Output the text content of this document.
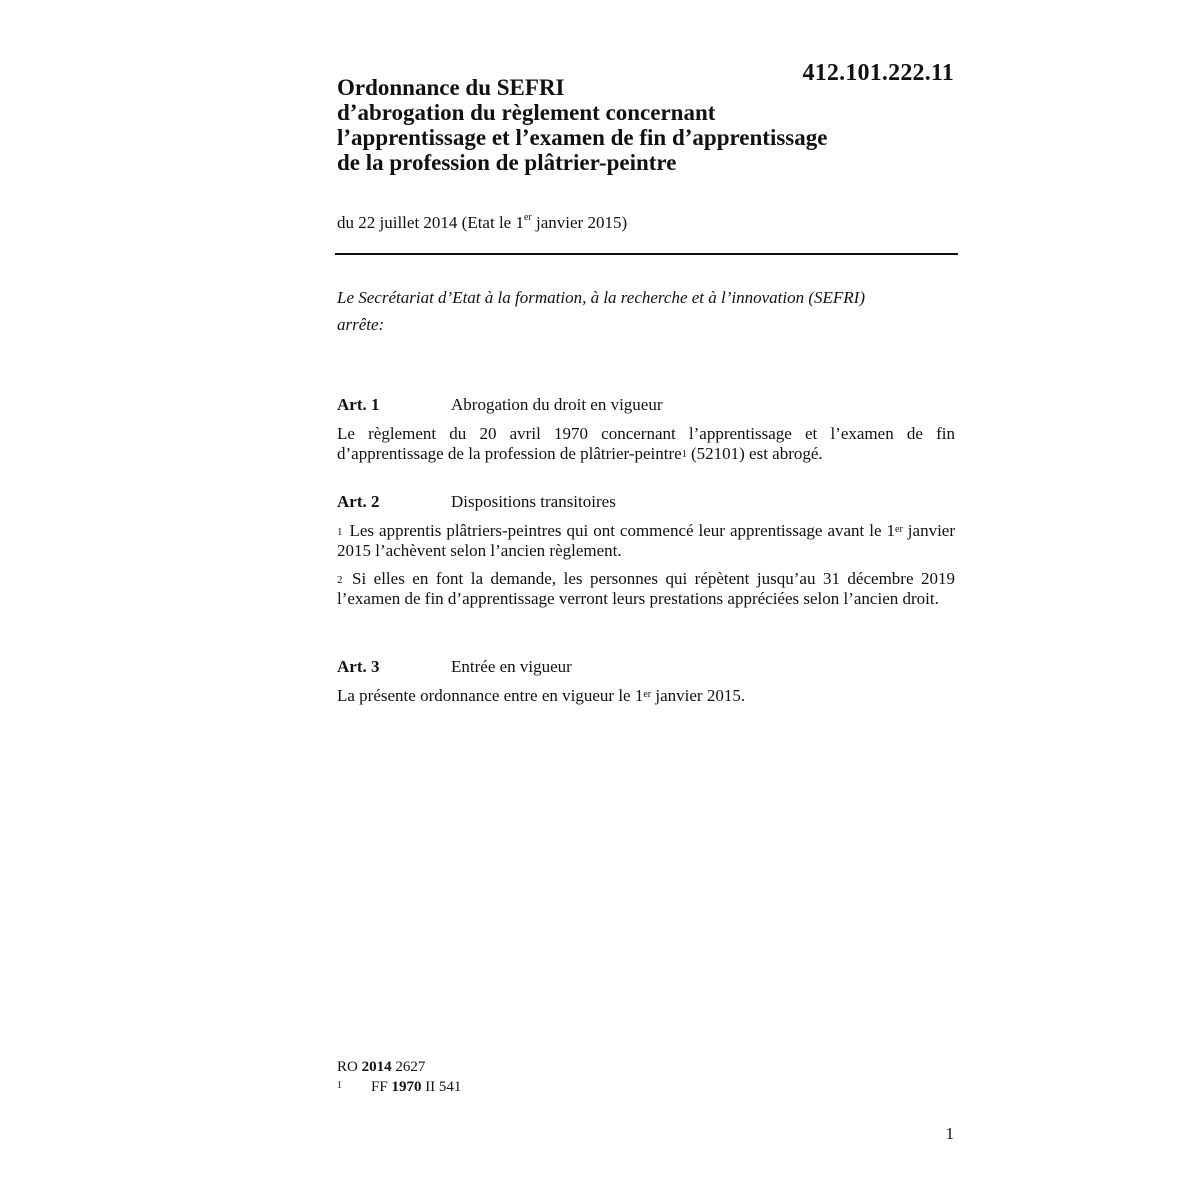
412.101.222.11
Ordonnance du SEFRI
d’abrogation du règlement concernant
l’apprentissage et l’examen de fin d’apprentissage
de la profession de plâtrier-peintre
du 22 juillet 2014 (Etat le 1er janvier 2015)
Le Secrétariat d’Etat à la formation, à la recherche et à l’innovation (SEFRI)
arrête:
Art. 1	Abrogation du droit en vigueur
Le règlement du 20 avril 1970 concernant l’apprentissage et l’examen de fin d’apprentissage de la profession de plâtrier-peintre$^1$ (52101) est abrogé.
Art. 2	Dispositions transitoires
$^1$ Les apprentis plâtriers-peintres qui ont commencé leur apprentissage avant le 1er janvier 2015 l’achèvent selon l’ancien règlement.
$^2$ Si elles en font la demande, les personnes qui répètent jusqu’au 31 décembre 2019 l’examen de fin d’apprentissage verront leurs prestations appréciées selon l’ancien droit.
Art. 3	Entrée en vigueur
La présente ordonnance entre en vigueur le 1er janvier 2015.
RO 2014 2627
1 FF 1970 II 541
1
